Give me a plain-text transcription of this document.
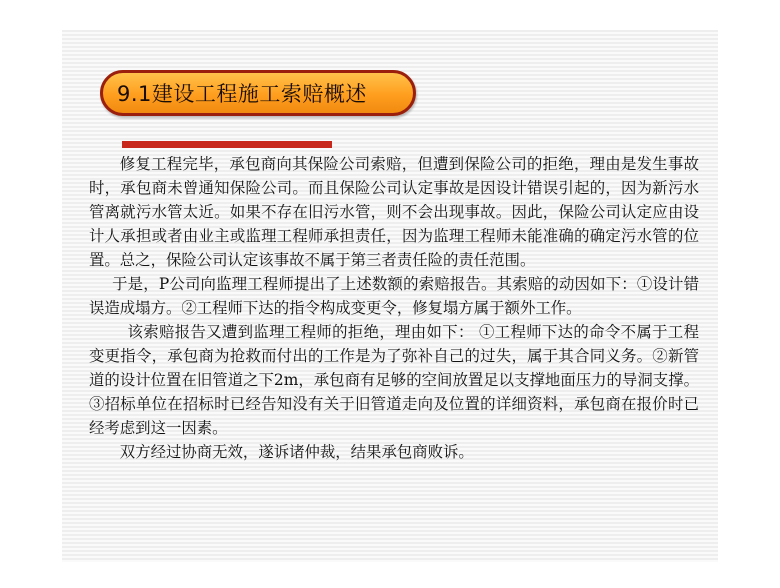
9.1建设工程施工索赔概述

修复工程完毕，承包商向其保险公司索赔，但遭到保险公司的拒绝，理由是发生事故时，承包商未曾通知保险公司。而且保险公司认定事故是因设计错误引起的，因为新污水管离就污水管太近。如果不存在旧污水管，则不会出现事故。因此，保险公司认定应由设计人承担或者由业主或监理工程师承担责任，因为监理工程师未能准确的确定污水管的位置。总之，保险公司认定该事故不属于第三者责任险的责任范围。

于是，P公司向监理工程师提出了上述数额的索赔报告。其索赔的动因如下：①设计错误造成塌方。②工程师下达的指令构成变更令，修复塌方属于额外工作。

该索赔报告又遭到监理工程师的拒绝，理由如下： ①工程师下达的命令不属于工程变更指令，承包商为抢救而付出的工作是为了弥补自己的过失，属于其合同义务。②新管道的设计位置在旧管道之下2m，承包商有足够的空间放置足以支撑地面压力的导洞支撑。③招标单位在招标时已经告知没有关于旧管道走向及位置的详细资料，承包商在报价时已经考虑到这一因素。

双方经过协商无效，遂诉诸仲裁，结果承包商败诉。
